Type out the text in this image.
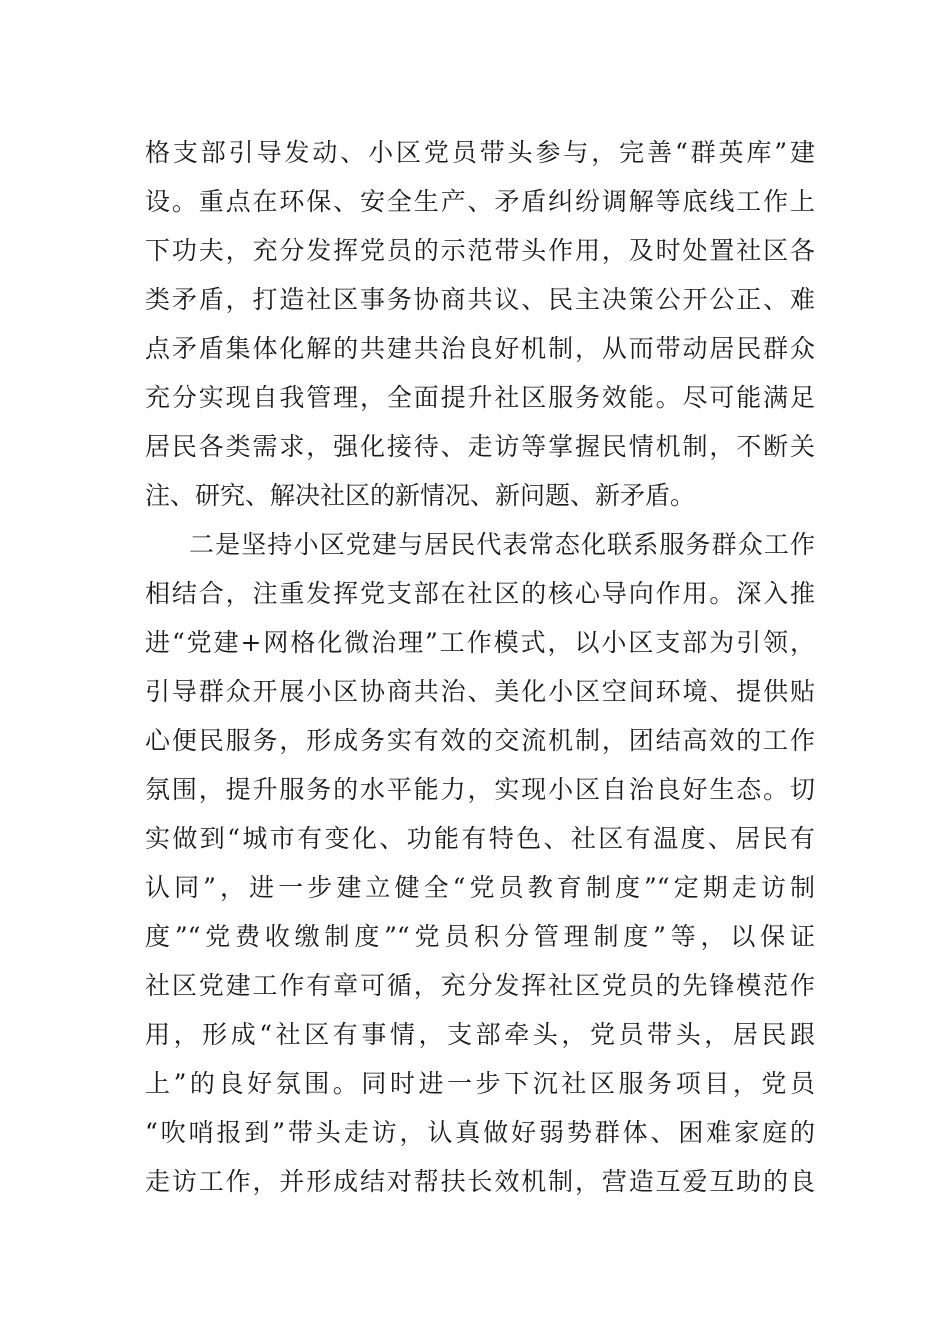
格支部引导发动、小区党员带头参与，完善“群英库”建
设。重点在环保、安全生产、矛盾纠纷调解等底线工作上
下功夫，充分发挥党员的示范带头作用，及时处置社区各
类矛盾，打造社区事务协商共议、民主决策公开公正、难
点矛盾集体化解的共建共治良好机制，从而带动居民群众
充分实现自我管理，全面提升社区服务效能。尽可能满足
居民各类需求，强化接待、走访等掌握民情机制，不断关
注、研究、解决社区的新情况、新问题、新矛盾。
二是坚持小区党建与居民代表常态化联系服务群众工作
相结合，注重发挥党支部在社区的核心导向作用。深入推
进“党建+网格化微治理”工作模式，以小区支部为引领，
引导群众开展小区协商共治、美化小区空间环境、提供贴
心便民服务，形成务实有效的交流机制，团结高效的工作
氛围，提升服务的水平能力，实现小区自治良好生态。切
实做到“城市有变化、功能有特色、社区有温度、居民有
认同”，进一步建立健全“党员教育制度”“定期走访制
度”“党费收缴制度”“党员积分管理制度”等，以保证
社区党建工作有章可循，充分发挥社区党员的先锋模范作
用，形成“社区有事情，支部牵头，党员带头，居民跟
上”的良好氛围。同时进一步下沉社区服务项目，党员
“吹哨报到”带头走访，认真做好弱势群体、困难家庭的
走访工作，并形成结对帮扶长效机制，营造互爱互助的良
